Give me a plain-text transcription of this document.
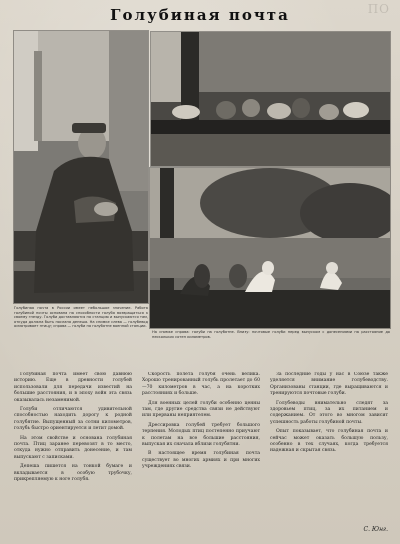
ПО
Голубиная почта
Голубиная почта в России имеет небольшое значение. Работа голубиной почты основана на способности голубя возвращаться к своему гнезду. Голуби доставляются на станцию и выпускаются там, откуда должна быть послана депеша. На снимке слева — голубевод осматривает птицу; справа — голуби на голубятне военной станции.
На снимке справа: голуби на голубятне. Внизу: почтовые голуби перед выпуском с донесениями на расстояние до нескольких сотен километров.

Голубиная почта имеет свою давнюю историю. Еще в древности голубей использовали для передачи известий на большие расстояния, и в эпоху войн эта связь оказывалась незаменимой.

Голуби отличаются удивительной способностью находить дорогу к родной голубятне. Выпущенный за сотни километров, голубь быстро ориентируется и летит домой.

На этом свойстве и основана голубиная почта. Птиц заранее перевозят в то место, откуда нужно отправить донесение, и там выпускают с записками.

Депеша пишется на тонкой бумаге и вкладывается в особую трубочку, прикрепляемую к ноге голубя.

Скорость полета голубя очень велика. Хорошо тренированный голубь пролетает до 60—70 километров в час, а на коротких расстояниях и больше.

Для военных целей голуби особенно ценны там, где другие средства связи не действуют или прерваны неприятелем.

Дрессировка голубей требует большого терпения. Молодых птиц постепенно приучают к полетам на все большие расстояния, выпуская их сначала вблизи голубятни.

В настоящее время голубиная почта существует во многих армиях и при многих учреждениях связи.

За последние годы у нас в Союзе также уделяется внимание голубеводству. Организованы станции, где выращиваются и тренируются почтовые голуби.

Голубеводы внимательно следят за здоровьем птиц, за их питанием и содержанием. От этого во многом зависит успешность работы голубиной почты.

Опыт показывает, что голубиная почта и сейчас может оказать большую пользу, особенно в тех случаях, когда требуется надежная и скрытая связь.

С. Юнг.
